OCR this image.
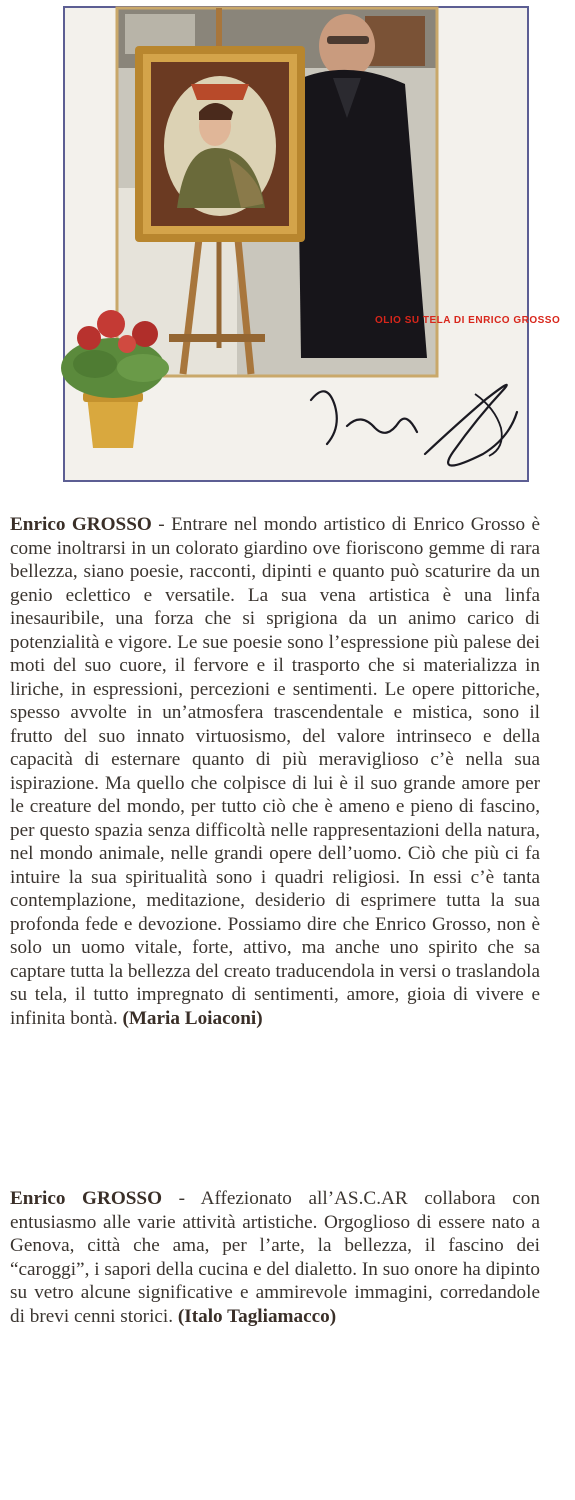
OLIO SU TELA DI ENRICO GROSSO

Enrico GROSSO - Entrare nel mondo artistico di Enrico Grosso è come inoltrarsi in un colorato giardino ove fioriscono gemme di rara bellezza, siano poesie, racconti, dipinti e quanto può scaturire da un genio eclettico e versatile. La sua vena artistica è una linfa inesauribile, una forza che si sprigiona da un animo carico di potenzialità e vigore. Le sue poesie sono l’espressione più palese dei moti del suo cuore, il fervore e il trasporto che si materializza in liriche, in espressioni, percezioni e sentimenti. Le opere pittoriche, spesso avvolte in un’atmosfera trascendentale e mistica, sono il frutto del suo innato virtuosismo, del valore intrinseco e della capacità di esternare quanto di più meraviglioso c’è nella sua ispirazione. Ma quello che colpisce di lui è il suo grande amore per le creature del mondo, per tutto ciò che è ameno e pieno di fascino, per questo spazia senza difficoltà nelle rappresentazioni della natura, nel mondo animale, nelle grandi opere dell’uomo. Ciò che più ci fa intuire la sua spiritualità sono i quadri religiosi. In essi c’è tanta contemplazione, meditazione, desiderio di esprimere tutta la sua profonda fede e devozione. Possiamo dire che Enrico Grosso, non è solo un uomo vitale, forte, attivo, ma anche uno spirito che sa captare tutta la bellezza del creato traducendola in versi o traslandola su tela, il tutto impregnato di sentimenti, amore, gioia di vivere e infinita bontà. (Maria Loiaconi)

Enrico GROSSO - Affezionato all’AS.C.AR collabora con entusiasmo alle varie attività artistiche. Orgoglioso di essere nato a Genova, città che ama, per l’arte, la bellezza, il fascino dei “caroggi”, i sapori della cucina e del dialetto. In suo onore ha dipinto su vetro alcune significative e ammirevole immagini, corredandole di brevi cenni storici. (Italo Tagliamacco)
